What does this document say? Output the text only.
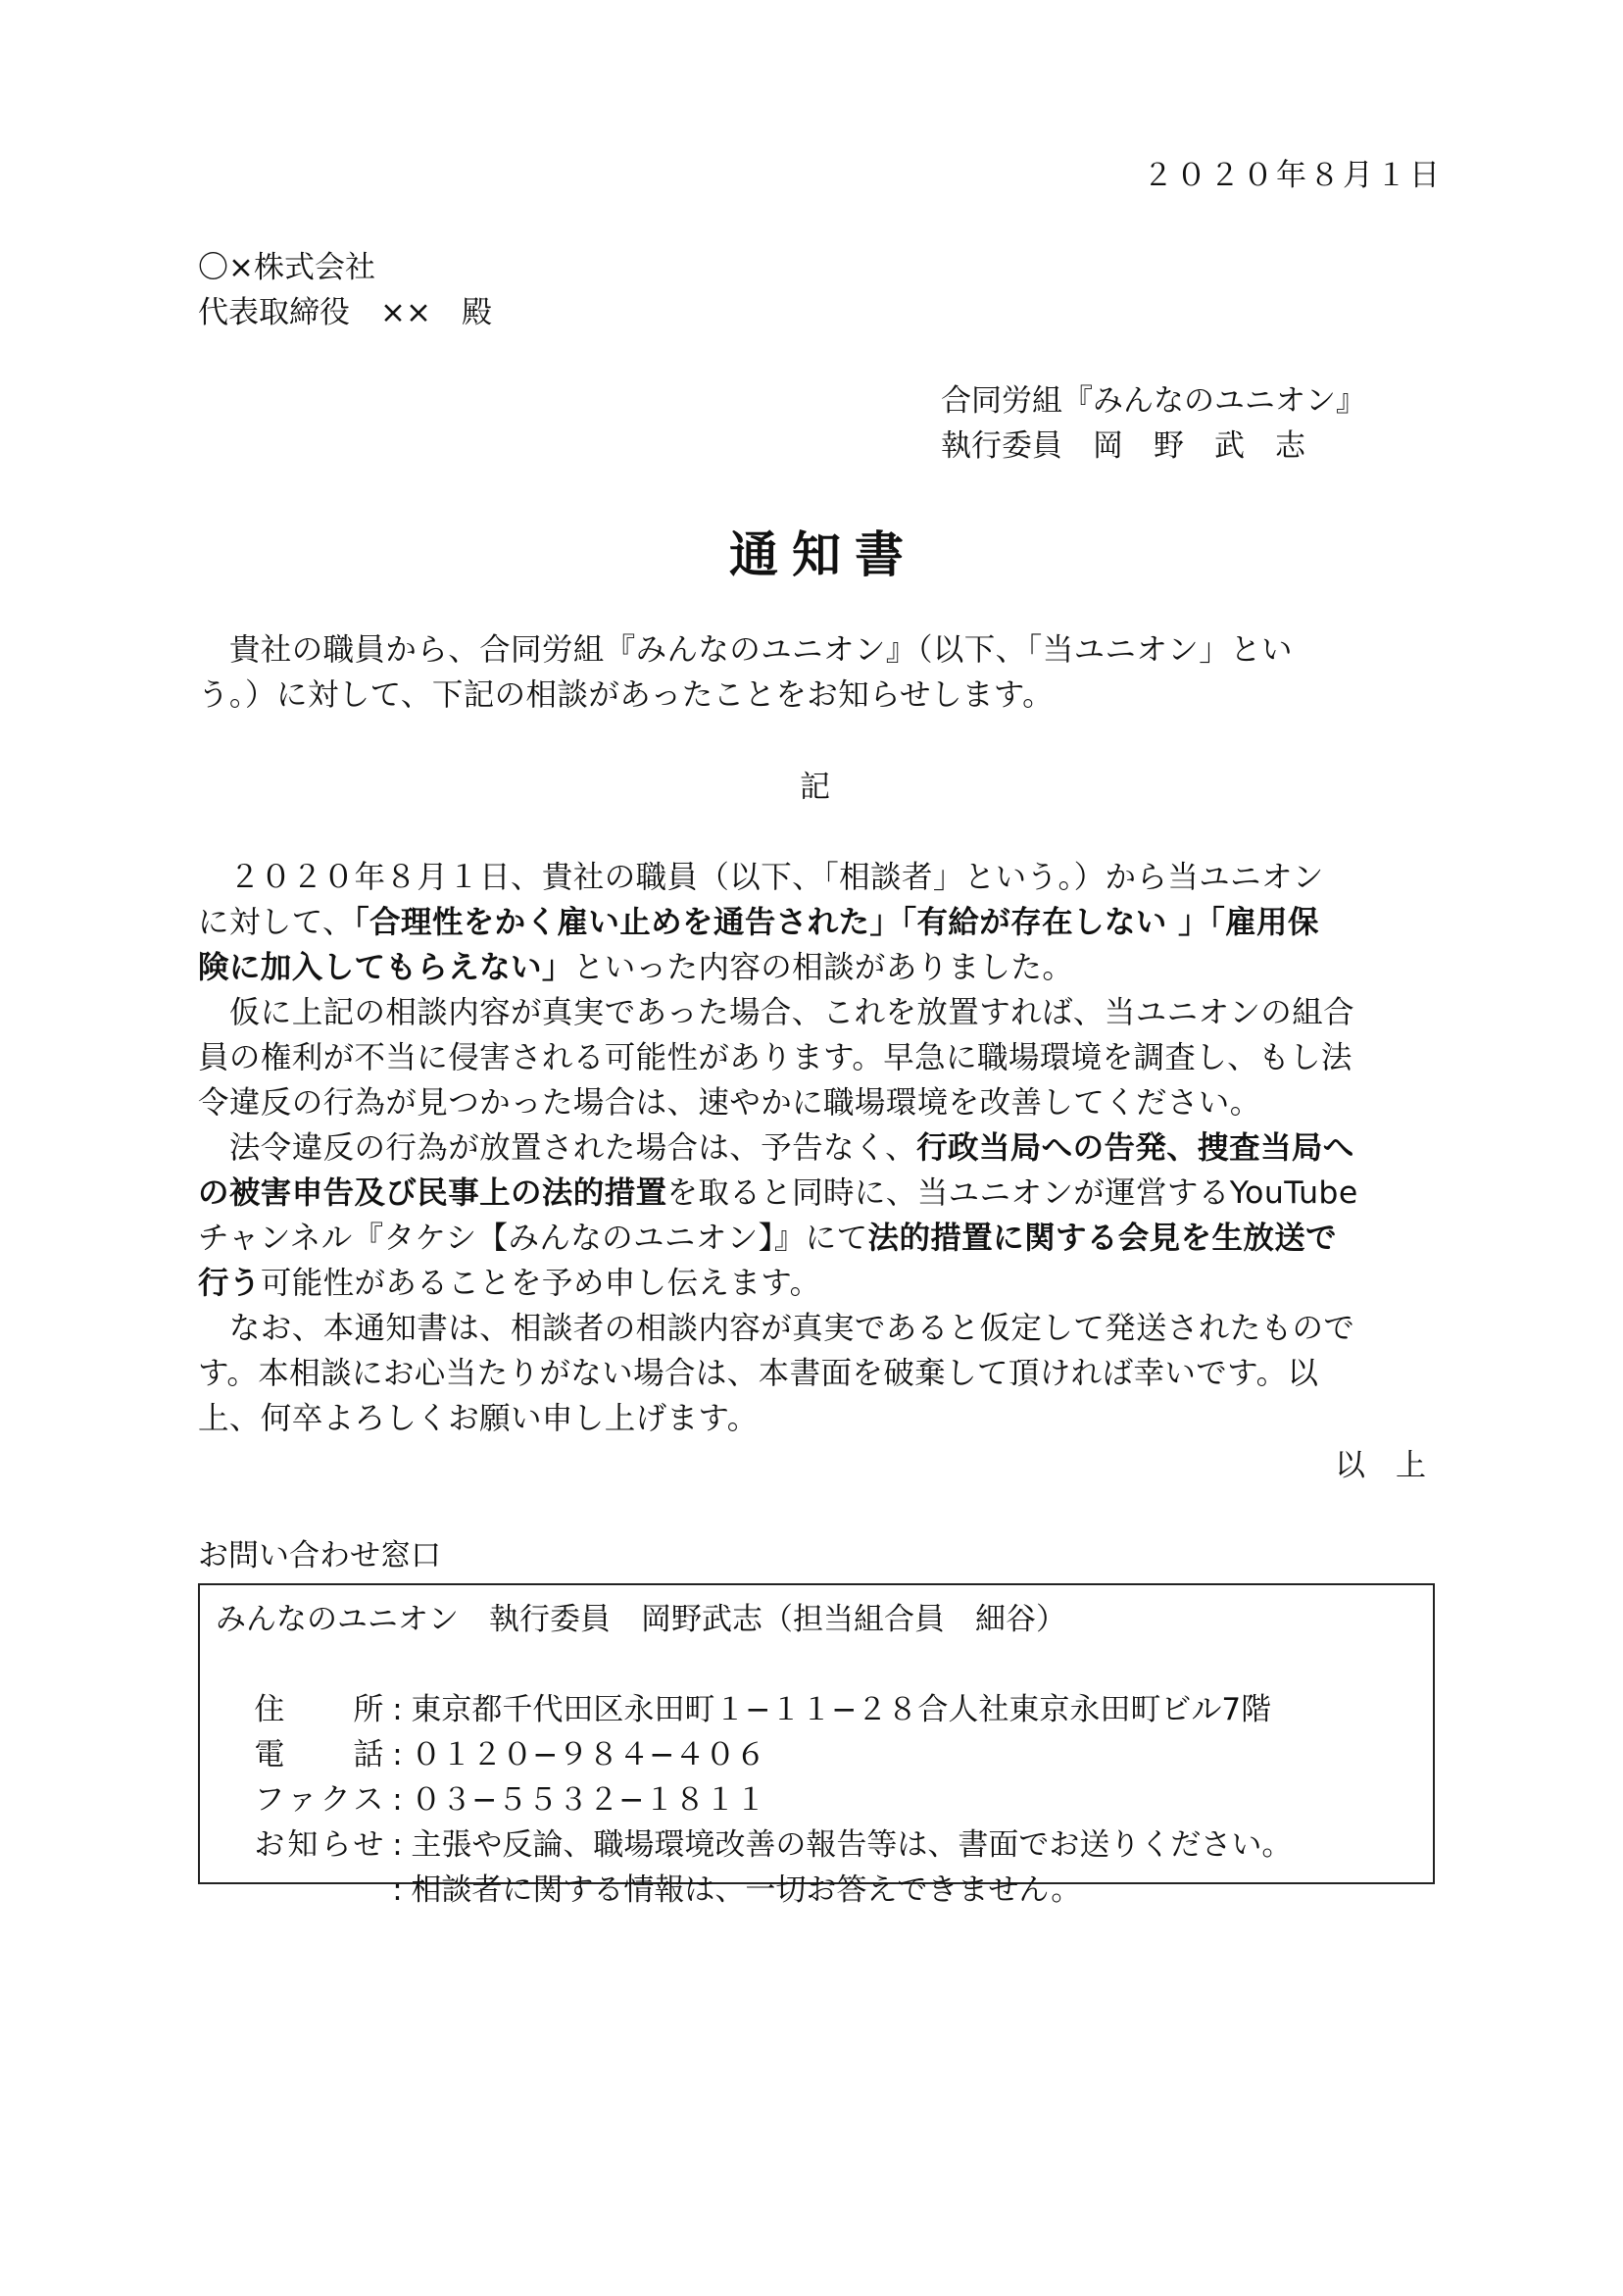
２０２０年８月１日
〇×株式会社
代表取締役　××　殿
合同労組『みんなのユニオン』
執行委員　岡　野　武　志
通知書
　貴社の職員から、合同労組『みんなのユニオン』（以下、「当ユニオン」とい
う。）に対して、下記の相談があったことをお知らせします。
記
　２０２０年８月１日、貴社の職員（以下、「相談者」という。）から当ユニオン
に対して、「合理性をかく雇い止めを通告された」「有給が存在しない 」「雇用保
険に加入してもらえない」といった内容の相談がありました。
　仮に上記の相談内容が真実であった場合、これを放置すれば、当ユニオンの組合
員の権利が不当に侵害される可能性があります。早急に職場環境を調査し、もし法
令違反の行為が見つかった場合は、速やかに職場環境を改善してください。
　法令違反の行為が放置された場合は、予告なく、行政当局への告発、捜査当局へ
の被害申告及び民事上の法的措置を取ると同時に、当ユニオンが運営するYouTube
チャンネル『タケシ【みんなのユニオン】』にて法的措置に関する会見を生放送で
行う可能性があることを予め申し伝えます。
　なお、本通知書は、相談者の相談内容が真実であると仮定して発送されたもので
す。本相談にお心当たりがない場合は、本書面を破棄して頂ければ幸いです。以
上、何卒よろしくお願い申し上げます。
以　上
お問い合わせ窓口
みんなのユニオン　執行委員　岡野武志（担当組合員　細谷）

住所 : 東京都千代田区永田町１−１１−２８合人社東京永田町ビル7階

電話 : ０１２０−９８４−４０６

ファクス : ０３−５５３２−１８１１

お知らせ : 主張や反論、職場環境改善の報告等は、書面でお送りください。

: 相談者に関する情報は、一切お答えできません。
